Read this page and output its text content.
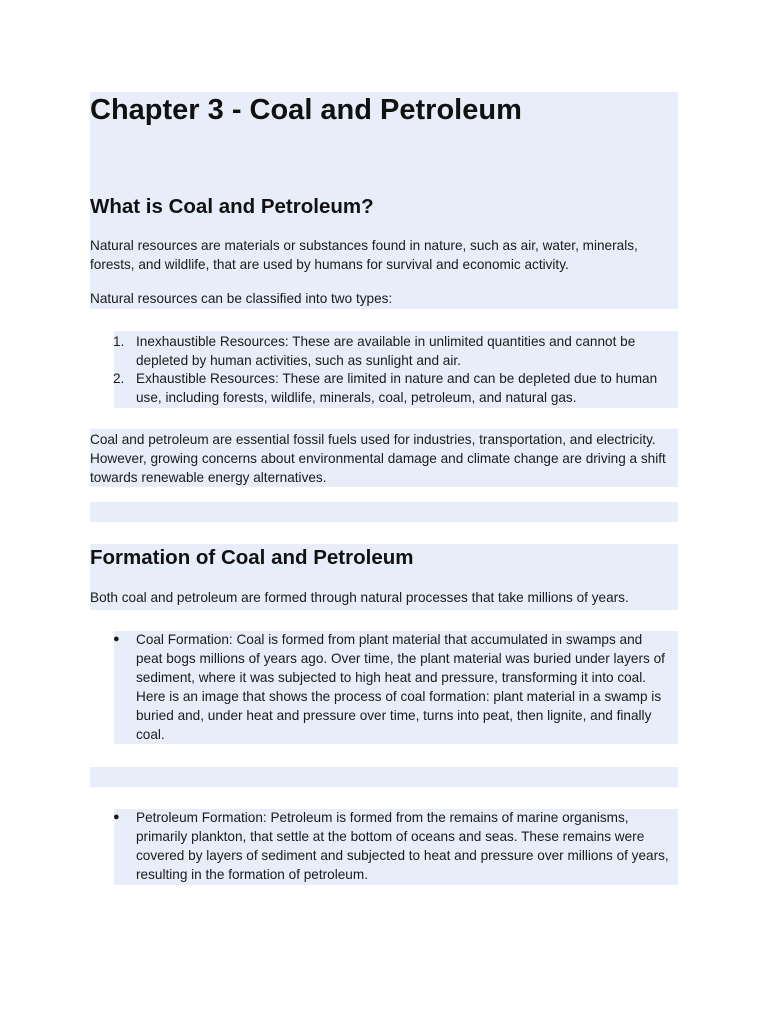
Chapter 3 - Coal and Petroleum
What is Coal and Petroleum?

Natural resources are materials or substances found in nature, such as air, water, minerals, forests, and wildlife, that are used by humans for survival and economic activity.

Natural resources can be classified into two types:

1. Inexhaustible Resources: These are available in unlimited quantities and cannot be depleted by human activities, such as sunlight and air.

2. Exhaustible Resources: These are limited in nature and can be depleted due to human use, including forests, wildlife, minerals, coal, petroleum, and natural gas.

Coal and petroleum are essential fossil fuels used for industries, transportation, and electricity. However, growing concerns about environmental damage and climate change are driving a shift towards renewable energy alternatives.

Formation of Coal and Petroleum

Both coal and petroleum are formed through natural processes that take millions of years.

● Coal Formation: Coal is formed from plant material that accumulated in swamps and peat bogs millions of years ago. Over time, the plant material was buried under layers of sediment, where it was subjected to high heat and pressure, transforming it into coal. Here is an image that shows the process of coal formation: plant material in a swamp is buried and, under heat and pressure over time, turns into peat, then lignite, and finally coal.

● Petroleum Formation: Petroleum is formed from the remains of marine organisms, primarily plankton, that settle at the bottom of oceans and seas. These remains were covered by layers of sediment and subjected to heat and pressure over millions of years, resulting in the formation of petroleum.
